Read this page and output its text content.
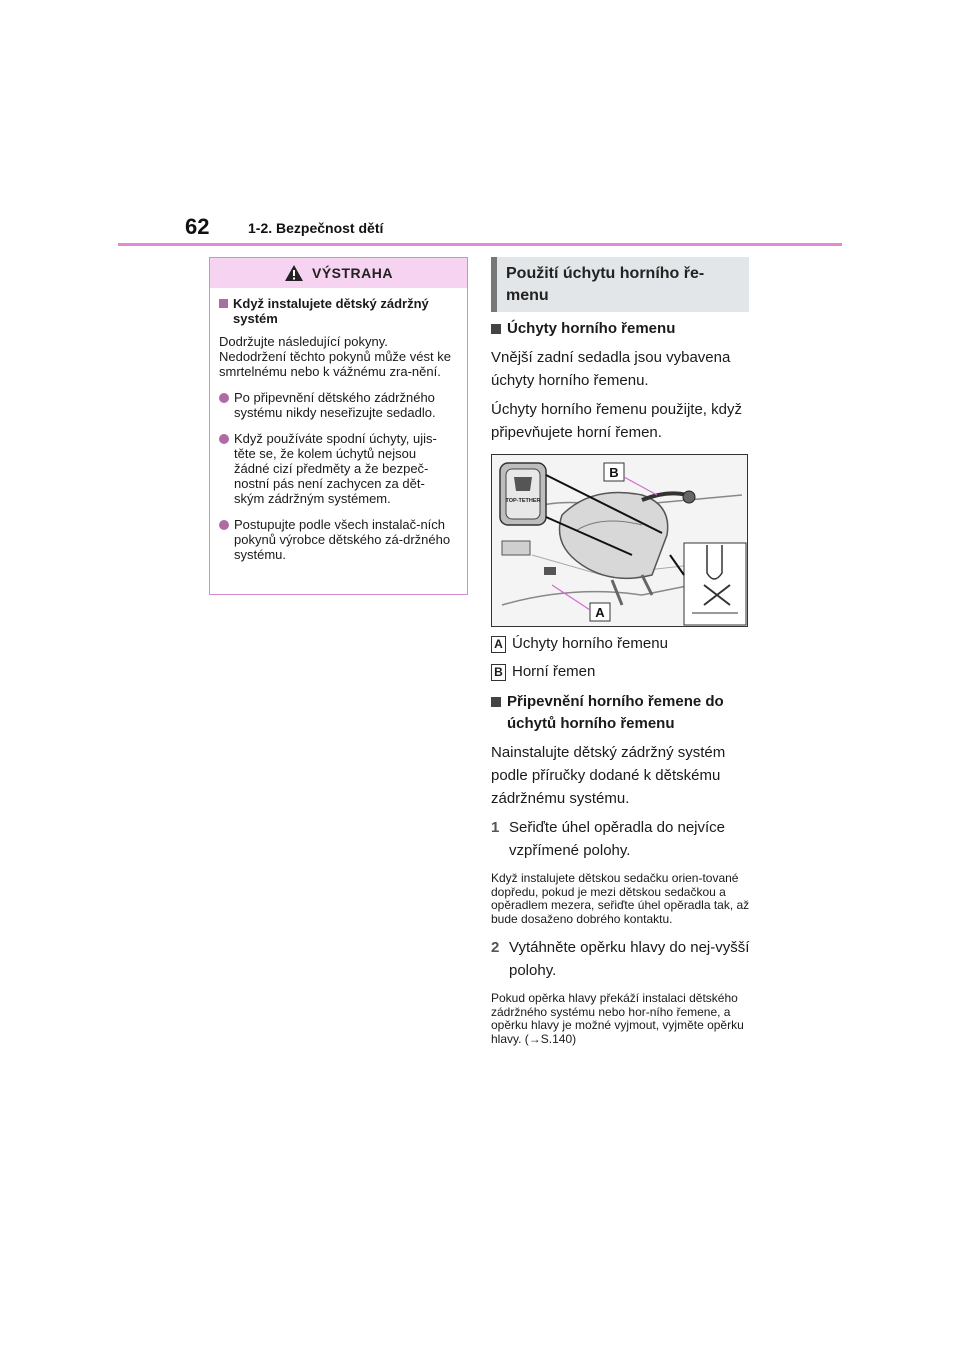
62	1-2. Bezpečnost dětí
VÝSTRAHA
Když instalujete dětský zádržný systém
Dodržujte následující pokyny. Nedodržení těchto pokynů může vést ke smrtelnému nebo k vážnému zra-nění.
Po připevnění dětského zádržného systému nikdy neseřizujte sedadlo.
Když používáte spodní úchyty, ujis-těte se, že kolem úchytů nejsou žádné cizí předměty a že bezpeč-nostní pás není zachycen za dět-ským zádržným systémem.
Postupujte podle všech instalač-ních pokynů výrobce dětského zá-držného systému.
Použití úchytu horního ře-menu
Úchyty horního řemenu
Vnější zadní sedadla jsou vybavena úchyty horního řemenu.
Úchyty horního řemenu použijte, když připevňujete horní řemen.
TOP-TETHER
B
A
A Úchyty horního řemenu
B Horní řemen
Připevnění horního řemene do úchytů horního řemenu
Nainstalujte dětský zádržný systém podle příručky dodané k dětskému zádržnému systému.
1 Seřiďte úhel opěradla do nejvíce vzpřímené polohy.
Když instalujete dětskou sedačku orien-tované dopředu, pokud je mezi dětskou sedačkou a opěradlem mezera, seřiďte úhel opěradla tak, až bude dosaženo dobrého kontaktu.
2 Vytáhněte opěrku hlavy do nej-vyšší polohy.
Pokud opěrka hlavy překáží instalaci dětského zádržného systému nebo hor-ního řemene, a opěrku hlavy je možné vyjmout, vyjměte opěrku hlavy. (→S.140)
